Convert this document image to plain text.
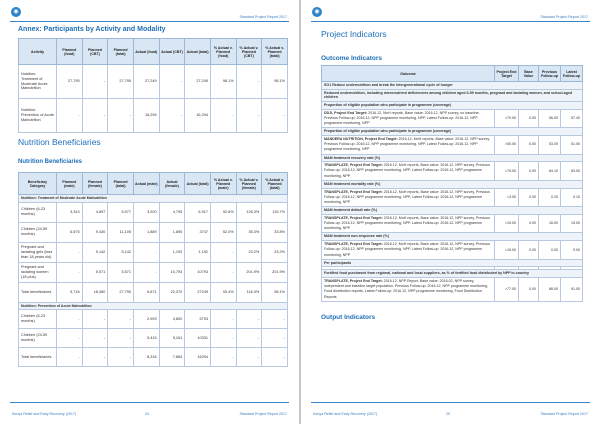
◉
Standard Project Report 2017
Annex: Participants by Activity and Modality
Activity	Planned (food)	Planned (CBT)	Planned (total)	Actual (food)	Actual (CBT)	Actual (total)	% Actual v. Planned (food)	% Actual v. Planned (CBT)	% Actual v. Planned (total)
Nutrition: Treatment of Moderate Acute Malnutrition	27,795	-	27,795	27,249	-	27,249	98.1%	-	98.1%
Nutrition: Prevention of Acute Malnutrition	-	-	-	16,294	-	16,294	-	-	-
Nutrition Beneficiaries
Nutrition Beneficiaries
Beneficiary Category	Planned (male)	Planned (female)	Planned (total)	Actual (male)	Actual (female)	Actual (total)	% Actual v. Planned (male)	% Actual v. Planned (female)	% Actual v. Planned (total)
Nutrition: Treatment of Moderate Acute Malnutrition									
Children (6-23 months)	3,343	4,897	5,977	3,920	4,795	6,917	92.8%	126.3%	115.7%
Children (24-59 months)	6,675	9,430	11,105	1,889	1,895	3747	52.0%	35.3%	33.8%
Pregnant and lactating girls (less than 18 years old)	-	5,142	5,142	-	1,192	1,192	-	23.2%	23.2%
Pregnant and lactating women (18 plus)	-	5,571	5,571	-	10,793	10793	-	201.9%	201.9%
Total beneficiaries	9,718	18,080	27,795	6,871	22,370	27249	93.4%	116.3%	98.1%
Nutrition: Prevention of Acute Malnutrition									
Children (6-23 months)	-	-	-	2,993	4,800	5793	-	-	-
Children (24-59 months)	-	-	-	5,415	5,161	10331	-	-	-
Total beneficiaries	-	-	-	8,316	7,884	16294	-	-	-
Kenya Relief and Early Recovery (2017)	24	Standard Project Report 2017
◉
Standard Project Report 2017
Project Indicators
Outcome Indicators
Outcome	Project End Target	Base Value	Previous Follow-up	Latest Follow-up
SO1 Reduce undernutrition and break the intergenerational cycle of hunger				
Reduced undernutrition, including micronutrient deficiencies among children aged 6-59 months, pregnant and lactating women, and school-aged children				
Proportion of eligible population who participate in programme (coverage)				
DDJI, Project End Target: 2016.12, MoH reports, Base value: 2016.12, NPP survey, no baseline, Previous Follow-up: 2016.12, NPP programme monitoring, NPP, Latest Follow-up: 2016.12, NPP programme monitoring, NPP	>70.00	0.00	56.00	57.40
Proportion of eligible population who participate in programme (coverage)				
MANDERA NUTRITION, Project End Target: 2016.12, MoH reports, Base value: 2016.12, NPP survey, Previous Follow-up: 2016.12, NPP programme monitoring, NPP, Latest Follow-up: 2016.12, NPP programme monitoring, NPP	>50.00	0.00	53.00	51.00
MAM treatment recovery rate (%)				
TRANSPLATE, Project End Target: 2016.12, MoH reports, Base value: 2016.12, NPP survey, Previous Follow-up: 2016.12, NPP programme monitoring, NPP, Latest Follow-up: 2016.12, NPP programme monitoring, NPP	>75.00	0.00	84.10	83.00
MAM treatment mortality rate (%)				
TRANSPLATE, Project End Target: 2016.12, MoH reports, Base value: 2016.12, NPP survey, Previous Follow-up: 2016.12, NPP programme monitoring, NPP, Latest Follow-up: 2016.12, NPP programme monitoring, NPP	<3.00	0.00	0.20	0.10
MAM treatment default rate (%)				
TRANSPLATE, Project End Target: 2016.12, MoH reports, Base value: 2016.12, NPP survey, Previous Follow-up: 2016.12, NPP programme monitoring, NPP, Latest Follow-up: 2016.12, NPP programme monitoring, NPP	<15.00	0.00	16.00	15.00
MAM treatment non-response rate (%)				
TRANSPLATE, Project End Target: 2016.12, MoH reports, Base value: 2016.12, NPP survey, Previous Follow-up: 2016.12, NPP programme monitoring, NPP, Latest Follow-up: 2016.12, NPP programme monitoring, NPP	<15.00	0.00	0.00	0.00
Per participants				

Fortified food purchased from regional, national and local suppliers, as % of fortified food distributed by NPP in-country				
TRANSPLATE, Project End Target: 2016.12, NPP Report, Base value: 2016.02, NPP survey, independent and baseline target population, Previous Follow-up: 2016.12, NPP programme monitoring, Food distribution reports, Latest Follow-up: 2016.12, NPP programme monitoring, Food Distribution Reports	>77.00	0.00	88.00	91.00
Output Indicators
Kenya Relief and Early Recovery (2017)	25	Standard Project Report 2017
